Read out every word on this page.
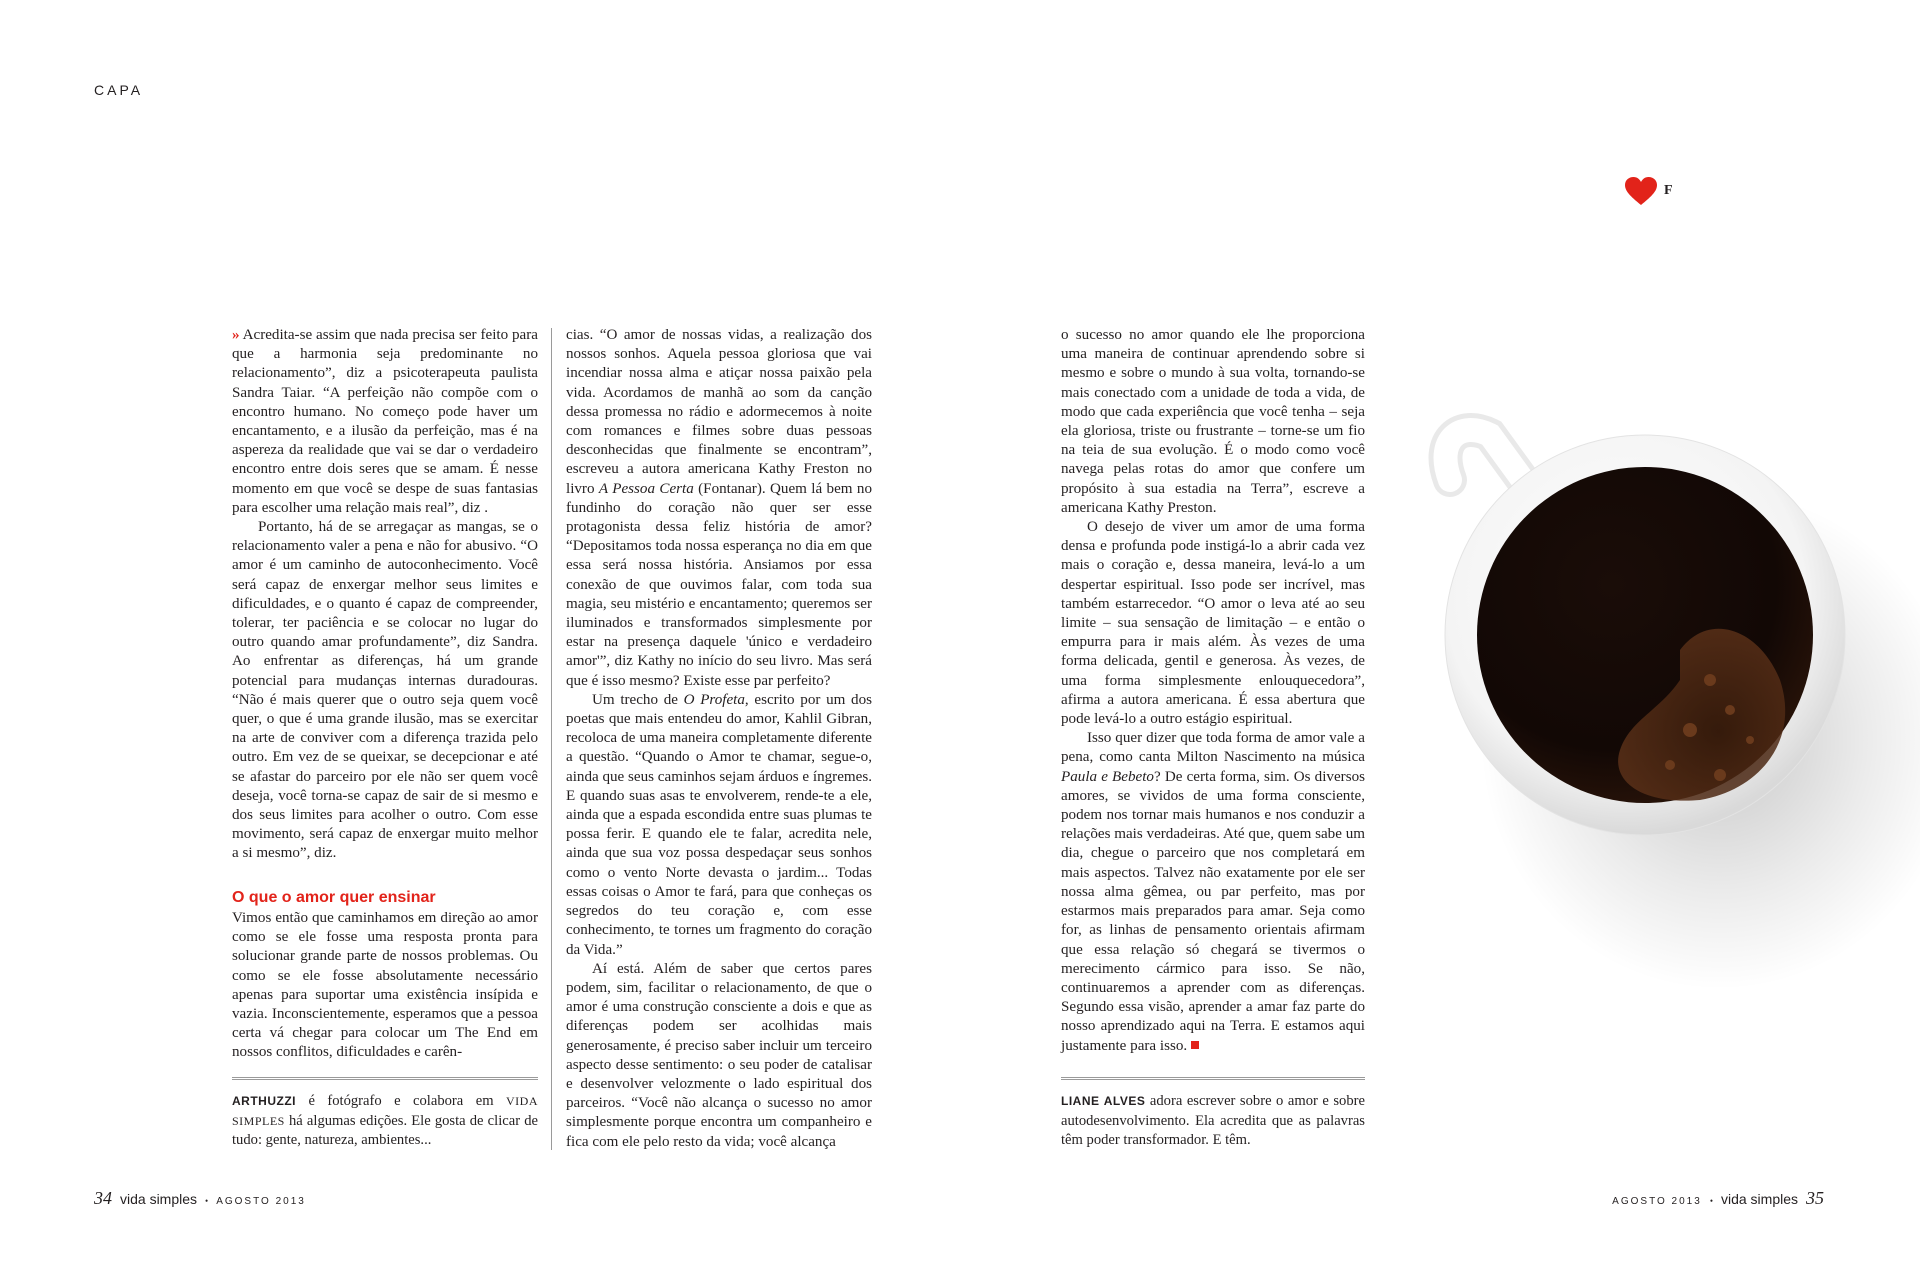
CAPA
F

» Acredita-se assim que nada precisa ser feito para que a harmonia seja predominante no relacionamento”, diz a psicoterapeuta paulista Sandra Taiar. “A perfeição não compõe com o encontro humano. No começo pode haver um encantamento, e a ilusão da perfeição, mas é na aspereza da realidade que vai se dar o verdadeiro encontro entre dois seres que se amam. É nesse momento em que você se despe de suas fantasias para escolher uma relação mais real”, diz .

Portanto, há de se arregaçar as mangas, se o relacionamento valer a pena e não for abusivo. “O amor é um caminho de autoconhecimento. Você será capaz de enxergar melhor seus limites e dificuldades, e o quanto é capaz de compreender, tolerar, ter paciência e se colocar no lugar do outro quando amar profundamente”, diz Sandra. Ao enfrentar as diferenças, há um grande potencial para mudanças internas duradouras. “Não é mais querer que o outro seja quem você quer, o que é uma grande ilusão, mas se exercitar na arte de conviver com a diferença trazida pelo outro. Em vez de se queixar, se decepcionar e até se afastar do parceiro por ele não ser quem você deseja, você torna-se capaz de sair de si mesmo e dos seus limites para acolher o outro. Com esse movimento, será capaz de enxergar muito melhor a si mesmo”, diz.

O que o amor quer ensinar

Vimos então que caminhamos em direção ao amor como se ele fosse uma resposta pronta para solucionar grande parte de nossos problemas. Ou como se ele fosse absolutamente necessário apenas para suportar uma existência insípida e vazia. Inconscientemente, esperamos que a pessoa certa vá chegar para colocar um The End em nossos conflitos, dificuldades e carên-

cias. “O amor de nossas vidas, a realização dos nossos sonhos. Aquela pessoa gloriosa que vai incendiar nossa alma e atiçar nossa paixão pela vida. Acordamos de manhã ao som da canção dessa promessa no rádio e adormecemos à noite com romances e filmes sobre duas pessoas desconhecidas que finalmente se encontram”, escreveu a autora americana Kathy Freston no livro A Pessoa Certa (Fontanar). Quem lá bem no fundinho do coração não quer ser esse protagonista dessa feliz história de amor? “Depositamos toda nossa esperança no dia em que essa será nossa história. Ansiamos por essa conexão de que ouvimos falar, com toda sua magia, seu mistério e encantamento; queremos ser iluminados e transformados simplesmente por estar na presença daquele 'único e verdadeiro amor'”, diz Kathy no início do seu livro. Mas será que é isso mesmo? Existe esse par perfeito?

Um trecho de O Profeta, escrito por um dos poetas que mais entendeu do amor, Kahlil Gibran, recoloca de uma maneira completamente diferente a questão. “Quando o Amor te chamar, segue-o, ainda que seus caminhos sejam árduos e íngremes. E quando suas asas te envolverem, rende-te a ele, ainda que a espada escondida entre suas plumas te possa ferir. E quando ele te falar, acredita nele, ainda que sua voz possa despedaçar seus sonhos como o vento Norte devasta o jardim... Todas essas coisas o Amor te fará, para que conheças os segredos do teu coração e, com esse conhecimento, te tornes um fragmento do coração da Vida.”

Aí está. Além de saber que certos pares podem, sim, facilitar o relacionamento, de que o amor é uma construção consciente a dois e que as diferenças podem ser acolhidas mais generosamente, é preciso saber incluir um terceiro aspecto desse sentimento: o seu poder de catalisar e desenvolver velozmente o lado espiritual dos parceiros. “Você não alcança o sucesso no amor simplesmente porque encontra um companheiro e fica com ele pelo resto da vida; você alcança

o sucesso no amor quando ele lhe proporciona uma maneira de continuar aprendendo sobre si mesmo e sobre o mundo à sua volta, tornando-se mais conectado com a unidade de toda a vida, de modo que cada experiência que você tenha – seja ela gloriosa, triste ou frustrante – torne-se um fio na teia de sua evolução. É o modo como você navega pelas rotas do amor que confere um propósito à sua estadia na Terra”, escreve a americana Kathy Preston.

O desejo de viver um amor de uma forma densa e profunda pode instigá-lo a abrir cada vez mais o coração e, dessa maneira, levá-lo a um despertar espiritual. Isso pode ser incrível, mas também estarrecedor. “O amor o leva até ao seu limite – sua sensação de limitação – e então o empurra para ir mais além. Às vezes de uma forma delicada, gentil e generosa. Às vezes, de uma forma simplesmente enlouquecedora”, afirma a autora americana. É essa abertura que pode levá-lo a outro estágio espiritual.

Isso quer dizer que toda forma de amor vale a pena, como canta Milton Nascimento na música Paula e Bebeto? De certa forma, sim. Os diversos amores, se vividos de uma forma consciente, podem nos tornar mais humanos e nos conduzir a relações mais verdadeiras. Até que, quem sabe um dia, chegue o parceiro que nos completará em mais aspectos. Talvez não exatamente por ele ser nossa alma gêmea, ou par perfeito, mas por estarmos mais preparados para amar. Seja como for, as linhas de pensamento orientais afirmam que essa relação só chegará se tivermos o merecimento cármico para isso. Se não, continuaremos a aprender com as diferenças. Segundo essa visão, aprender a amar faz parte do nosso aprendizado aqui na Terra. E estamos aqui justamente para isso.

ARTHUZZI é fotógrafo e colabora em VIDA SIMPLES há algumas edições. Ele gosta de clicar de tudo: gente, natureza, ambientes...
LIANE ALVES adora escrever sobre o amor e sobre autodesenvolvimento. Ela acredita que as palavras têm poder transformador. E têm.
34 vida simples • AGOSTO 2013	AGOSTO 2013 • vida simples 35
